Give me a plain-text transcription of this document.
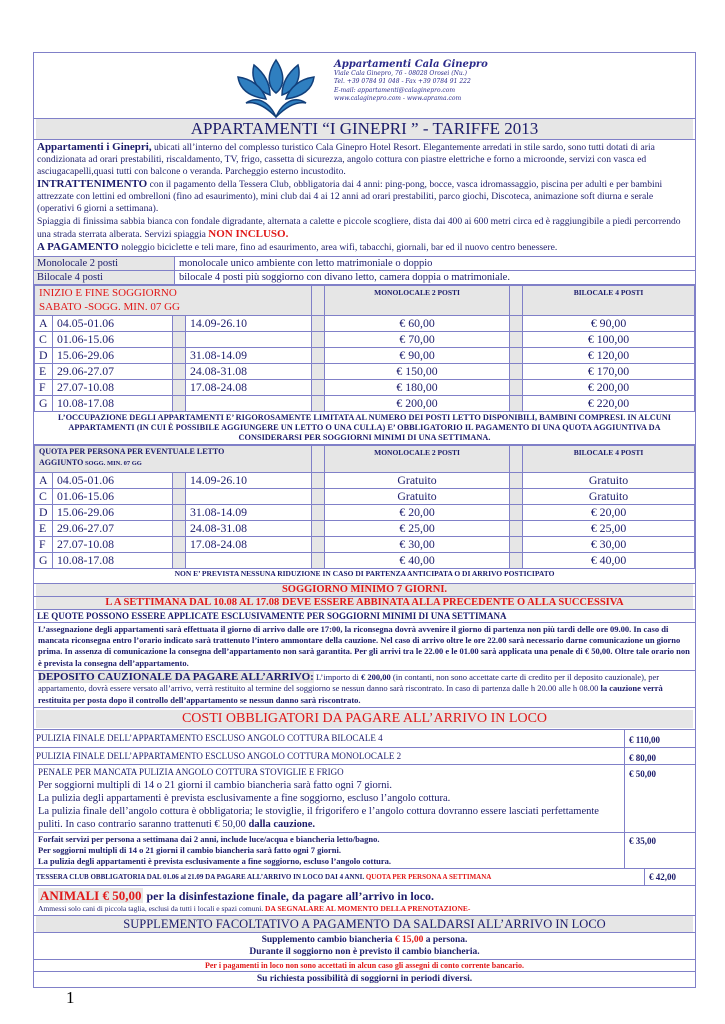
Appartamenti Cala Ginepro
Viale Cala Ginepro, 76 - 08028 Orosei (Nu.)
Tel. +39 0784 91 048 - Fax +39 0784 91 222
E-mail: appartamenti@calaginepro.com
www.calaginepro.com - www.aprama.com
APPARTAMENTI “I GINEPRI ” - TARIFFE 2013
Appartamenti i Ginepri, ubicati all’interno del complesso turistico Cala Ginepro Hotel Resort. Elegantemente arredati in stile sardo, sono tutti dotati di aria condizionata ad orari prestabiliti, riscaldamento, TV, frigo, cassetta di sicurezza, angolo cottura con piastre elettriche e forno a microonde, servizi con vasca ed asciugacapelli,quasi tutti con balcone o veranda. Parcheggio esterno incustodito.
INTRATTENIMENTO con il pagamento della Tessera Club, obbligatoria dai 4 anni: ping-pong, bocce, vasca idromassaggio, piscina per adulti e per bambini attrezzate con lettini ed ombrelloni (fino ad esaurimento), mini club dai 4 ai 12 anni ad orari prestabiliti, parco giochi, Discoteca, animazione soft diurna e serale (operativi 6 giorni a settimana).
Spiaggia di finissima sabbia bianca con fondale digradante, alternata a calette e piccole scogliere, dista dai 400 ai 600 metri circa ed è raggiungibile a piedi percorrendo una strada sterrata alberata. Servizi spiaggia NON INCLUSO.
A PAGAMENTO noleggio biciclette e teli mare, fino ad esaurimento, area wifi, tabacchi, giornali, bar ed il nuovo centro benessere.
Monolocale 2 posti	monolocale unico ambiente con letto matrimoniale o doppio
Bilocale 4 posti	bilocale 4 posti più soggiorno con divano letto, camera doppia o matrimoniale.
INIZIO E FINE SOGGIORNO
SABATO -SOGG. MIN. 07 GG					MONOLOCALE 2 POSTI		BILOCALE 4 POSTI
A	04.05-01.06		14.09-26.10		€ 60,00		€ 90,00
C	01.06-15.06				€ 70,00		€ 100,00
D	15.06-29.06		31.08-14.09		€ 90,00		€ 120,00
E	29.06-27.07		24.08-31.08		€ 150,00		€ 170,00
F	27.07-10.08		17.08-24.08		€ 180,00		€ 200,00
G	10.08-17.08				€ 200,00		€ 220,00
L’OCCUPAZIONE DEGLI APPARTAMENTI E’ RIGOROSAMENTE LIMITATA AL NUMERO DEI POSTI LETTO DISPONIBILI, BAMBINI COMPRESI. IN ALCUNI APPARTAMENTI (IN CUI È POSSIBILE AGGIUNGERE UN LETTO O UNA CULLA) E’ OBBLIGATORIO IL PAGAMENTO DI UNA QUOTA AGGIUNTIVA DA CONSIDERARSI PER SOGGIORNI MINIMI DI UNA SETTIMANA.
QUOTA PER PERSONA PER EVENTUALE LETTO
AGGIUNTO SOGG. MIN. 07 GG					MONOLOCALE 2 POSTI		BILOCALE 4 POSTI
A	04.05-01.06		14.09-26.10		Gratuito		Gratuito
C	01.06-15.06				Gratuito		Gratuito
D	15.06-29.06		31.08-14.09		€ 20,00		€ 20,00
E	29.06-27.07		24.08-31.08		€ 25,00		€ 25,00
F	27.07-10.08		17.08-24.08		€ 30,00		€ 30,00
G	10.08-17.08				€ 40,00		€ 40,00
NON E’ PREVISTA NESSUNA RIDUZIONE IN CASO DI PARTENZA ANTICIPATA O DI ARRIVO POSTICIPATO
SOGGIORNO MINIMO 7 GIORNI.
L A SETTIMANA DAL 10.08 AL 17.08 DEVE ESSERE ABBINATA ALLA PRECEDENTE O ALLA SUCCESSIVA
LE QUOTE POSSONO ESSERE APPLICATE ESCLUSIVAMENTE PER SOGGIORNI MINIMI DI UNA SETTIMANA
L’assegnazione degli appartamenti sarà effettuata il giorno di arrivo dalle ore 17:00, la riconsegna dovrà avvenire il giorno di partenza non più tardi delle ore 09.00. In caso di mancata riconsegna entro l’orario indicato sarà trattenuto l’intero ammontare della cauzione. Nel caso di arrivo oltre le ore 22.00 sarà necessario darne comunicazione un giorno prima. In assenza di comunicazione la consegna dell’appartamento non sarà garantita. Per gli arrivi tra le 22.00 e le 01.00 sarà applicata una penale di € 50,00. Oltre tale orario non è prevista la consegna dell’appartamento.
DEPOSITO CAUZIONALE DA PAGARE ALL’ARRIVO: L’importo di € 200,00 (in contanti, non sono accettate carte di credito per il deposito cauzionale), per appartamento, dovrà essere versato all’arrivo, verrà restituito al termine del soggiorno se nessun danno sarà riscontrato. In caso di partenza dalle h 20.00 alle h 08.00 la cauzione verrà restituita per posta dopo il controllo dell’appartamento se nessun danno sarà riscontrato.
COSTI OBBLIGATORI DA PAGARE ALL’ARRIVO IN LOCO
PULIZIA FINALE DELL’APPARTAMENTO ESCLUSO ANGOLO COTTURA BILOCALE 4	€ 110,00
PULIZIA FINALE DELL’APPARTAMENTO ESCLUSO ANGOLO COTTURA MONOLOCALE 2	€ 80,00
PENALE PER MANCATA PULIZIA ANGOLO COTTURA STOVIGLIE E FRIGO
Per soggiorni multipli di 14 o 21 giorni il cambio biancheria sarà fatto ogni 7 giorni.
La pulizia degli appartamenti è prevista esclusivamente a fine soggiorno, escluso l’angolo cottura.
La pulizia finale dell’angolo cottura è obbligatoria; le stoviglie, il frigorifero e l’angolo cottura dovranno essere lasciati perfettamente puliti. In caso contrario saranno trattenuti € 50,00 dalla cauzione.
€ 50,00
Forfait servizi per persona a settimana dai 2 anni, include luce/acqua e biancheria letto/bagno.
Per soggiorni multipli di 14 o 21 giorni il cambio biancheria sarà fatto ogni 7 giorni.
La pulizia degli appartamenti è prevista esclusivamente a fine soggiorno, escluso l’angolo cottura.
€ 35,00
TESSERA CLUB OBBLIGATORIA DAL 01.06 al 21.09 DA PAGARE ALL’ARRIVO IN LOCO DAI 4 ANNI. QUOTA PER PERSONA A SETTIMANA	€ 42,00
ANIMALI € 50,00 per la disinfestazione finale, da pagare all’arrivo in loco.
Ammessi solo cani di piccola taglia, esclusi da tutti i locali e spazi comuni. DA SEGNALARE AL MOMENTO DELLA PRENOTAZIONE-
SUPPLEMENTO FACOLTATIVO A PAGAMENTO DA SALDARSI ALL’ARRIVO IN LOCO
Supplemento cambio biancheria € 15,00 a persona.
Durante il soggiorno non è previsto il cambio biancheria.
Per i pagamenti in loco non sono accettati in alcun caso gli assegni di conto corrente bancario.
Su richiesta possibilità di soggiorni in periodi diversi.
1
